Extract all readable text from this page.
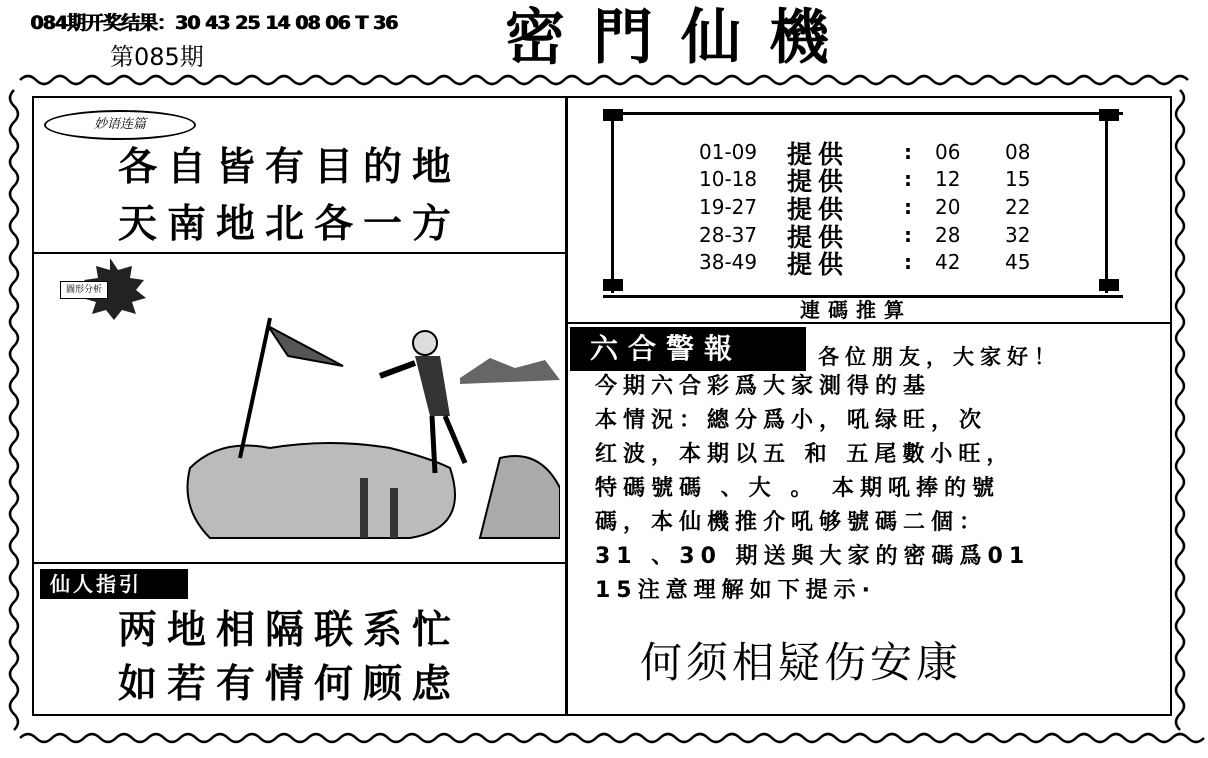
084期开奖结果：30 43 25 14 08 06 T 36
第085期	密門仙機
妙语连篇
各自皆有目的地
天南地北各一方
圖形分析
仙人指引
两地相隔联系忙
如若有情何顾虑
01-09 提供	: 06 08
10-18 提供	: 12 15
19-27 提供	: 20 22
28-37 提供	: 28 32
38-49 提供	: 42 45
連碼推算
六合警報	各位朋友，大家好！
今期六合彩爲大家測得的基
本情況：總分爲小，吼绿旺，次
红波，本期以五 和 五尾數小旺，
特碼號碼 、大 。 本期吼捧的號
碼，本仙機推介吼够號碼二個：
31 、30 期送與大家的密碼爲01
15注意理解如下提示·
何须相疑伤安康
